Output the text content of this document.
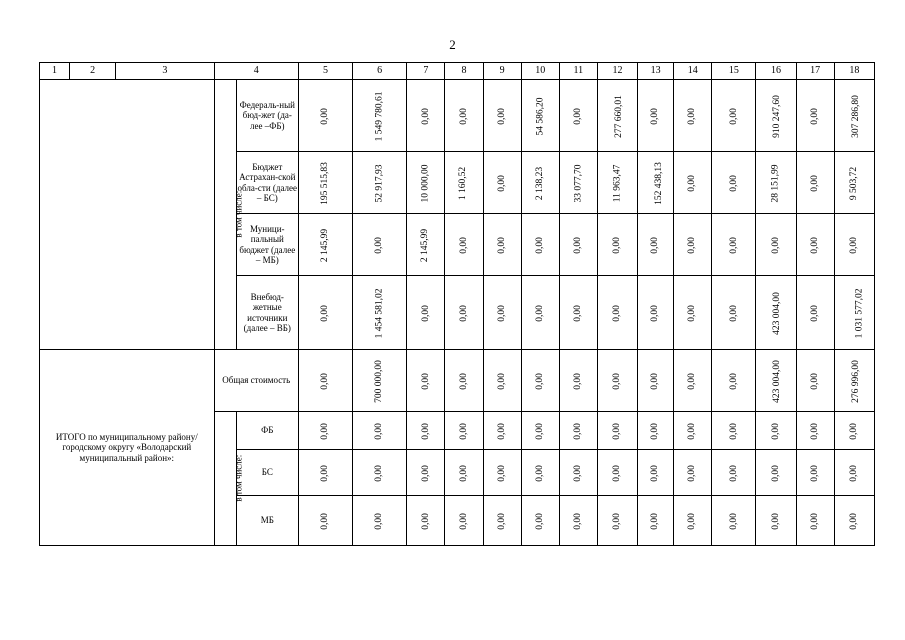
2
1	2	3	4		5	6	7	8	9	10	11	12	13	14	15	16	17	18
			в том числе:	Федераль-ный бюд-жет (да-лее –ФБ)	0,00	1 549 780,61	0,00	0,00	0,00	54 586,20	0,00	277 660,01	0,00	0,00	0,00	910 247,60	0,00	307 286,80
				Бюджет Астрахан-ской обла-сти (далее – БС)	195 515,83	52 917,93	10 000,00	1 160,52	0,00	2 138,23	33 077,70	11 963,47	152 438,13	0,00	0,00	28 151,99	0,00	9 503,72
				Муници-пальный бюджет (далее – МБ)	2 145,99	0,00	2 145,99	0,00	0,00	0,00	0,00	0,00	0,00	0,00	0,00	0,00	0,00	0,00
				Внебюд-жетные источники (далее – ВБ)	0,00	1 454 581,02	0,00	0,00	0,00	0,00	0,00	0,00	0,00	0,00	0,00	423 004,00	0,00	1 031 577,02
ИТОГО по муниципальному району/ городскому округу «Володарский муниципальный район»:			Общая стоимость		0,00	700 000,00	0,00	0,00	0,00	0,00	0,00	0,00	0,00	0,00	0,00	423 004,00	0,00	276 996,00
			в том числе:	ФБ	0,00	0,00	0,00	0,00	0,00	0,00	0,00	0,00	0,00	0,00	0,00	0,00	0,00	0,00
				БС	0,00	0,00	0,00	0,00	0,00	0,00	0,00	0,00	0,00	0,00	0,00	0,00	0,00	0,00
				МБ	0,00	0,00	0,00	0,00	0,00	0,00	0,00	0,00	0,00	0,00	0,00	0,00	0,00	0,00
